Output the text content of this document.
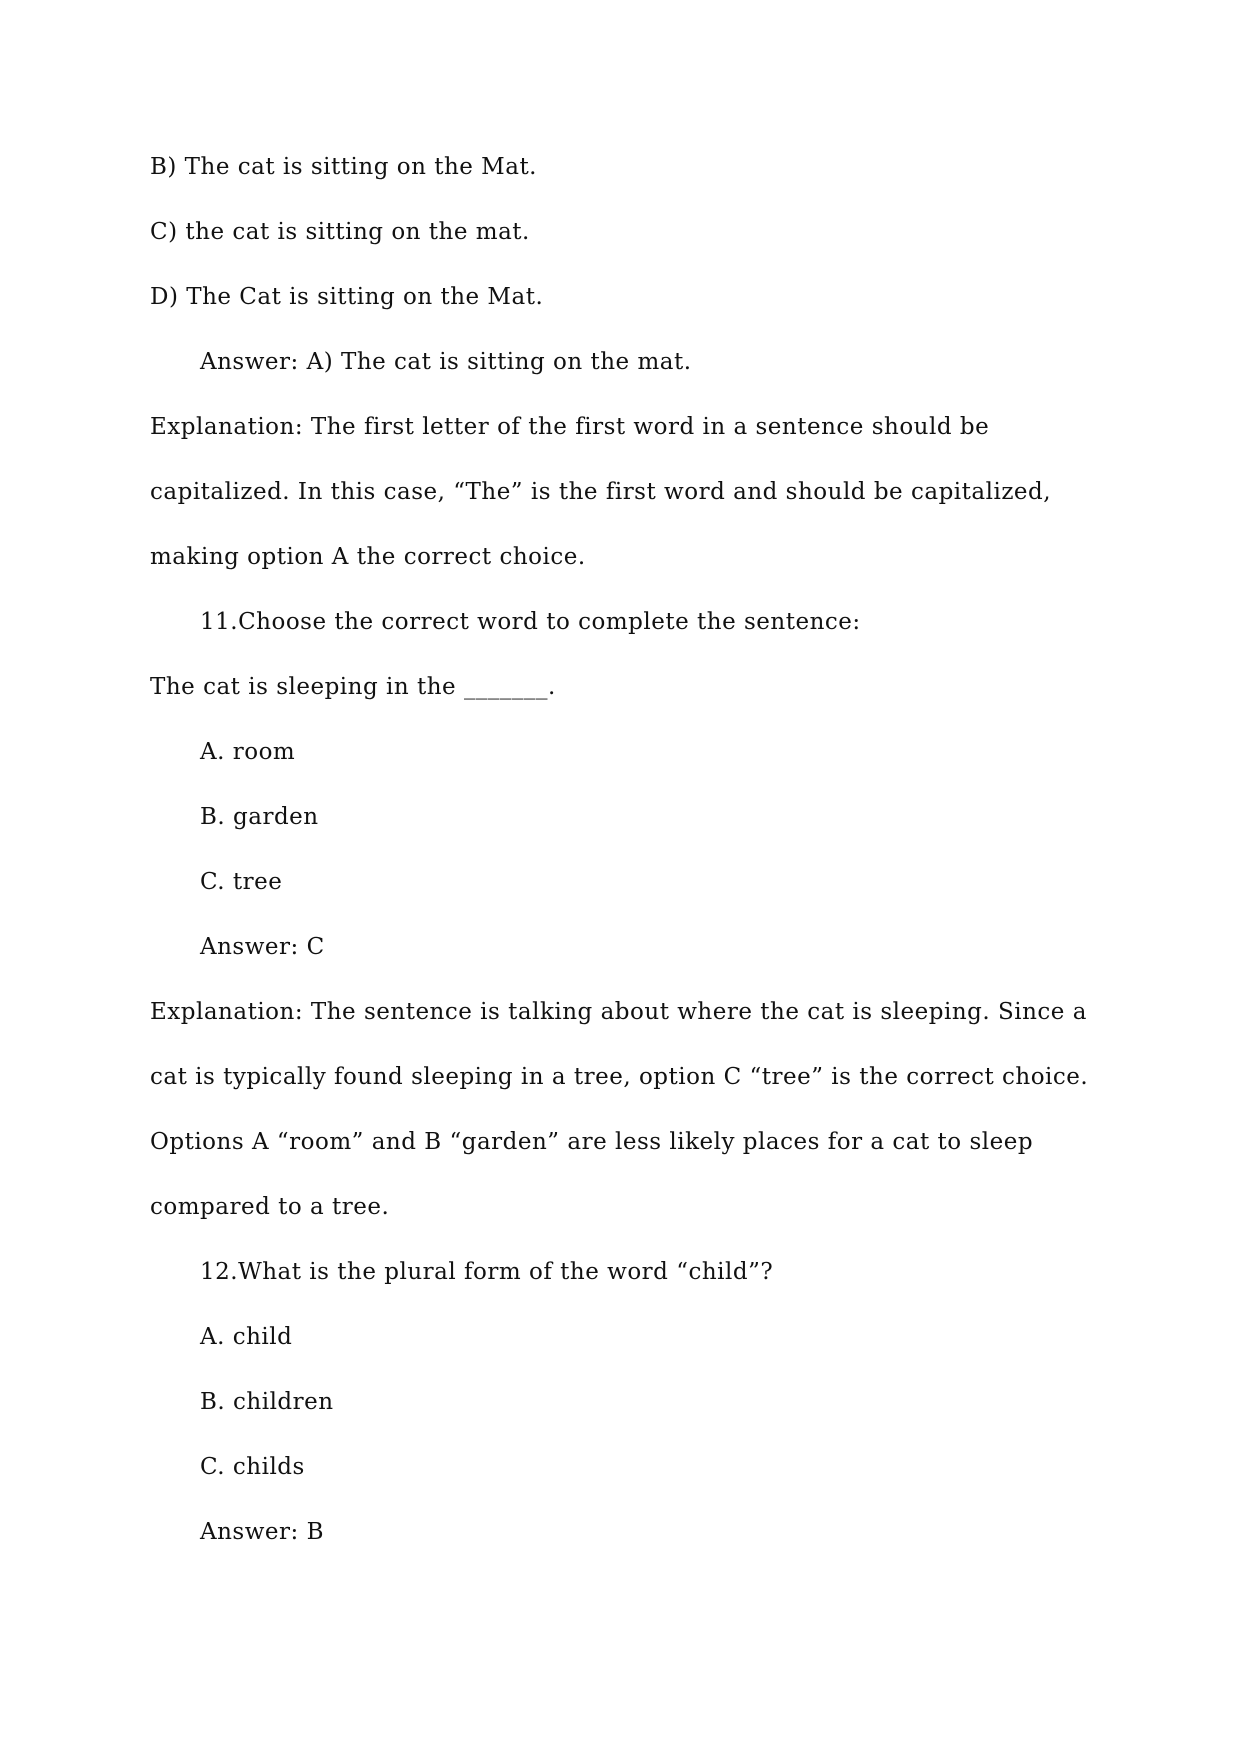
B) The cat is sitting on the Mat.
C) the cat is sitting on the mat.
D) The Cat is sitting on the Mat.
Answer: A) The cat is sitting on the mat.
Explanation: The first letter of the first word in a sentence should be
capitalized. In this case, “The” is the first word and should be capitalized,
making option A the correct choice.
11.Choose the correct word to complete the sentence:
The cat is sleeping in the _______.
A. room
B. garden
C. tree
Answer: C
Explanation: The sentence is talking about where the cat is sleeping. Since a
cat is typically found sleeping in a tree, option C “tree” is the correct choice.
Options A “room” and B “garden” are less likely places for a cat to sleep
compared to a tree.
12.What is the plural form of the word “child”?
A. child
B. children
C. childs
Answer: B
